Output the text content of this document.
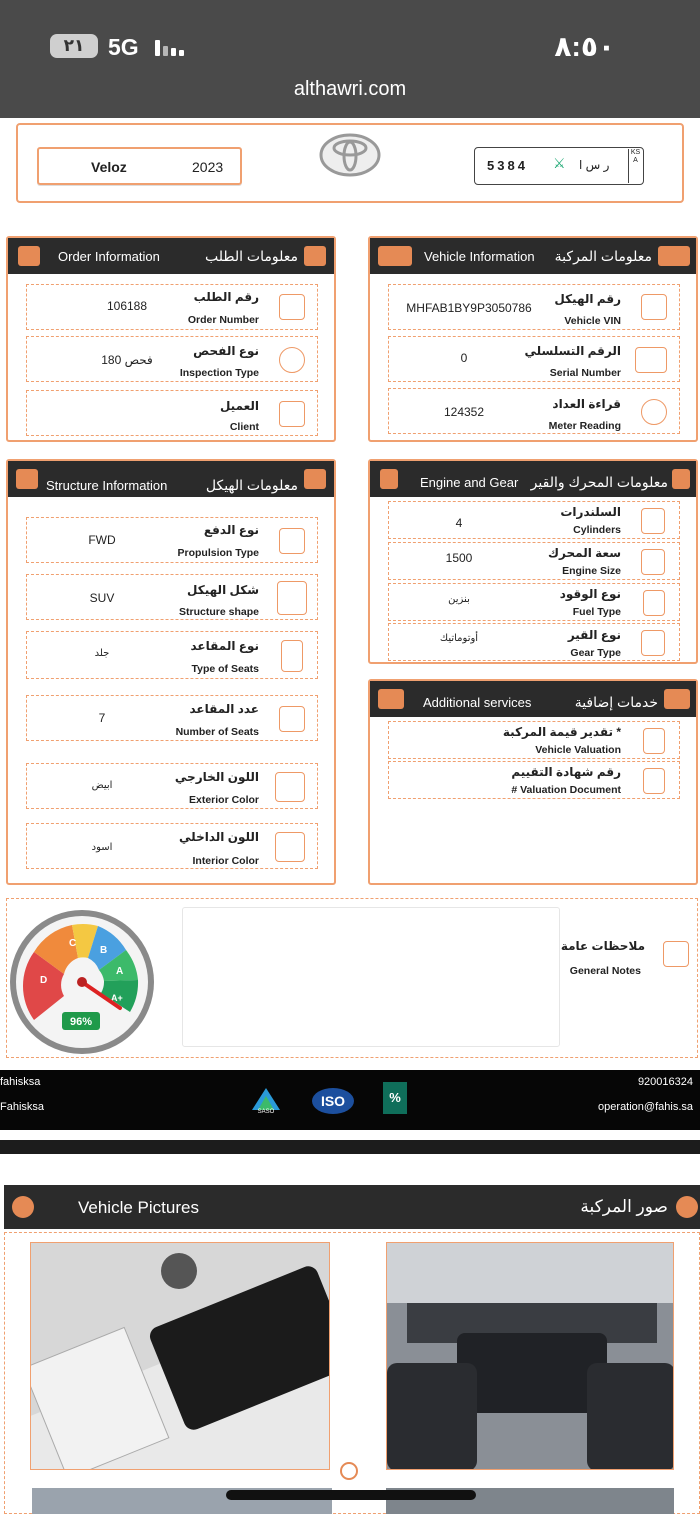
٢١	5G	٨:٥٠
althawri.com
Veloz	2023	5384 ⚔ ر س ا
KSA
Order Information	معلومات الطلب
106188
رقم الطلب
Order Number
فحص 180
نوع الفحص
Inspection Type
العميل
Client
Vehicle Information معلومات المركبة
MHFAB1BY9P3050786
رقم الهيكل
Vehicle VIN
0	الرقم التسلسلي
Serial Number
124352
قراءة العداد
Meter Reading
Structure Information	معلومات الهيكل
FWD
نوع الدفع
Propulsion Type
SUV
شكل الهيكل
Structure shape
جلد
نوع المقاعد
Type of Seats
7
عدد المقاعد
Number of Seats
ابيض
اللون الخارجي
Exterior Color
اسود
اللون الداخلي
Interior Color
Engine and Gear معلومات المحرك والقير
4
السلندرات
Cylinders
1500	سعة المحرك
Engine Size
بنزين	نوع الوقود
Fuel Type
أوتوماتيك	نوع القير
Gear Type
Additional services	خدمات إضافية
تقدير قيمة المركبة *
Vehicle Valuation
رقم شهادة التقييم
# Valuation Document
ملاحظات عامة
General Notes
D
C
B
A
A+
96%
fahisksa
Fahisksa	SASO
ISO	%
920016324
operation@fahis.sa
Vehicle Pictures	صور المركبة
